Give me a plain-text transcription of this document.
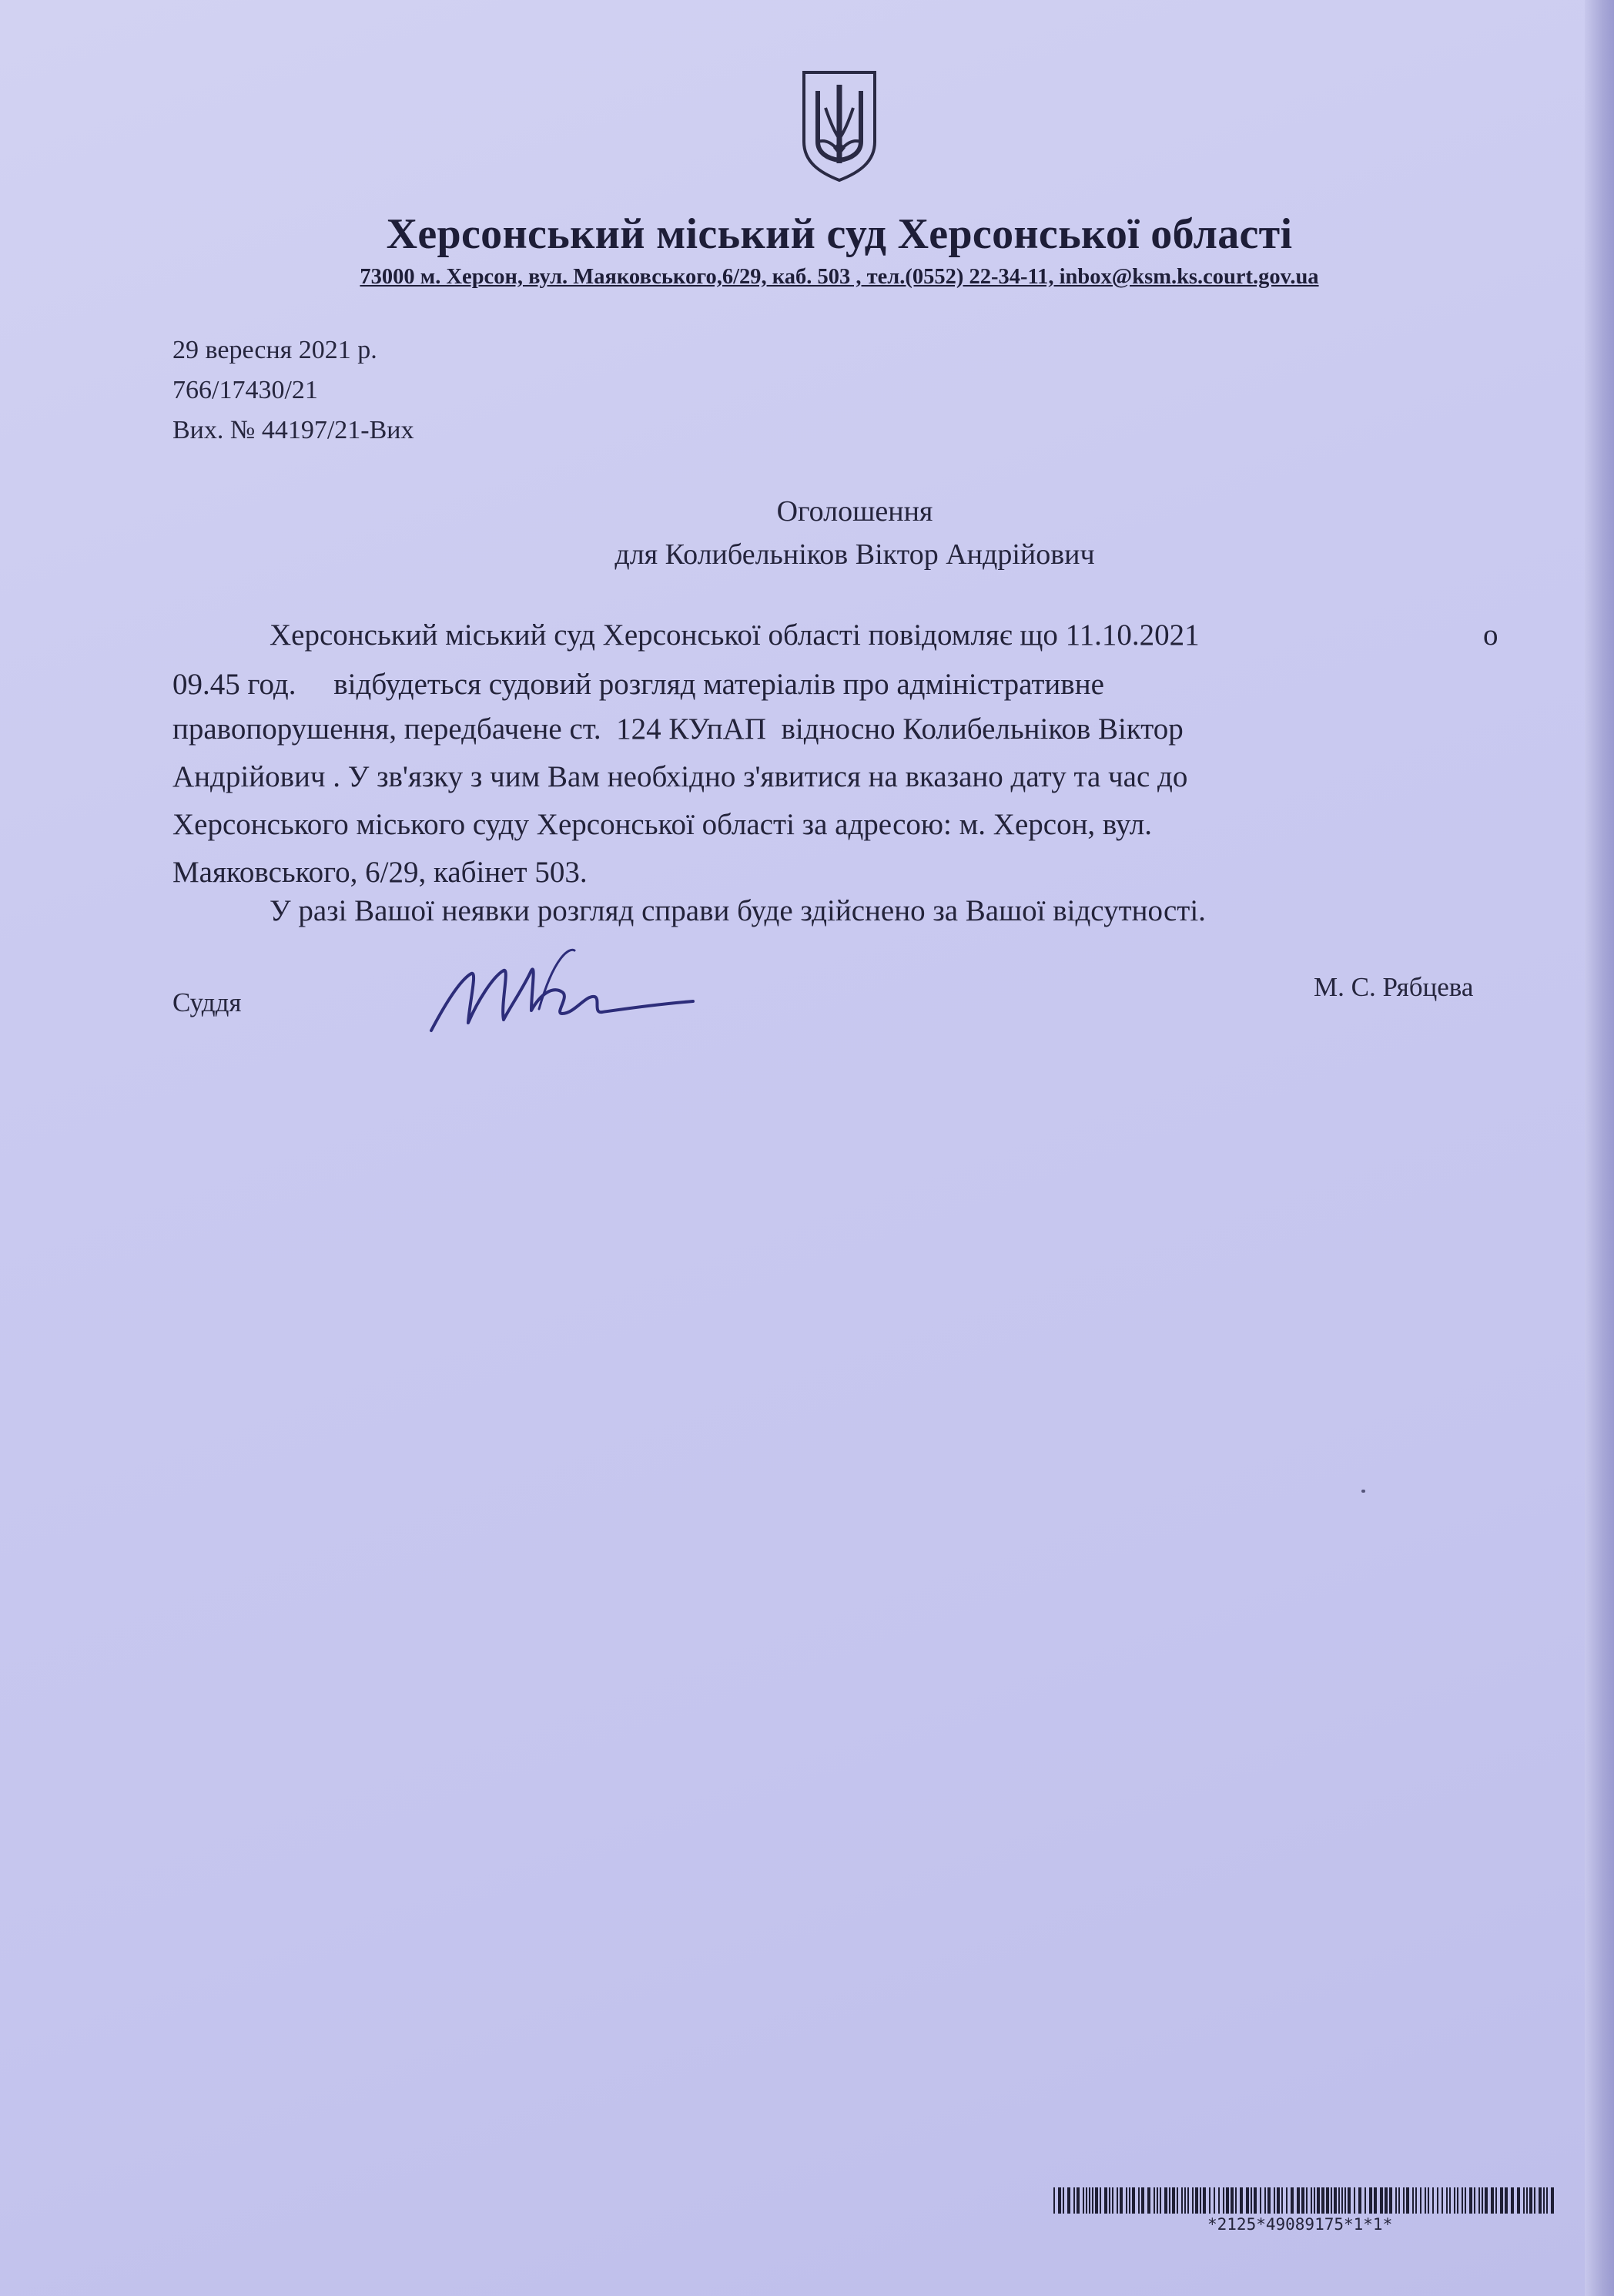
Херсонський міський суд Херсонської області
73000 м. Херсон, вул. Маяковського,6/29, каб. 503 , тел.(0552) 22-34-11, inbox@ksm.ks.court.gov.ua
29 вересня 2021 р.
766/17430/21
Вих. № 44197/21-Вих
Оголошення
для Колибельніков Віктор Андрійович
Херсонський міський суд Херсонської області повідомляє що 11.10.2021	о
09.45 год.     відбудеться судовий розгляд матеріалів про адміністративне
правопорушення, передбачене ст.  124 КУпАП  відносно Колибельніков Віктор
Андрійович . У зв'язку з чим Вам необхідно з'явитися на вказано дату та час до
Херсонського міського суду Херсонської області за адресою: м. Херсон, вул.
Маяковського, 6/29, кабінет 503.
У разі Вашої неявки розгляд справи буде здійснено за Вашої відсутності.
Суддя
М. С. Рябцева
*2125*49089175*1*1*
